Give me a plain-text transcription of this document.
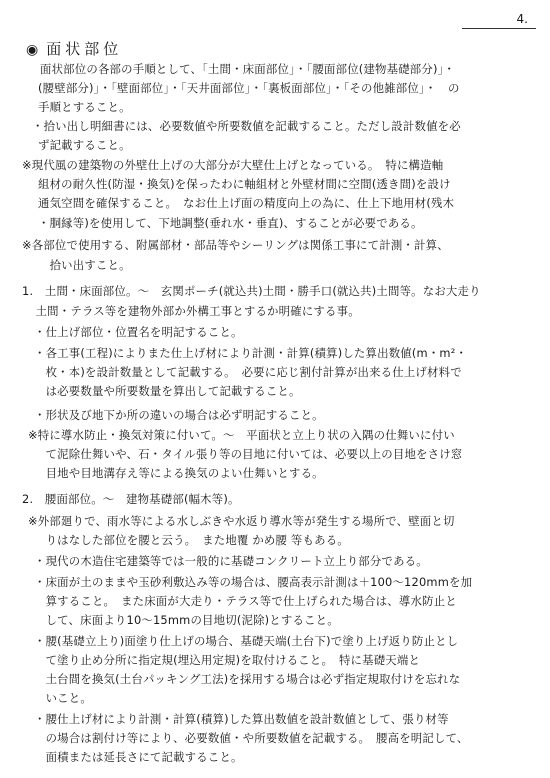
4.
◉ 面状部位
面状部位の各部の手順として、「土間・床面部位」・「腰面部位(建物基礎部分)」・
(腰壁部分)」・「壁面部位」・「天井面部位」・「裏板面部位」・「その他雑部位」・　の
手順とすること。
・拾い出し明細書には、必要数値や所要数値を記載すること。ただし設計数値を必
ず記載すること。
※現代風の建築物の外壁仕上げの大部分が大壁仕上げとなっている。　特に構造軸
組材の耐久性(防湿・換気)を保ったわに軸組材と外壁材間に空間(透き間)を設け
通気空間を確保すること。　なお仕上げ面の精度向上の為に、仕上下地用材(残木
・胴縁等)を使用して、下地調整(垂れ水・垂直)、することが必要である。
※各部位で使用する、附属部材・部品等やシーリングは関係工事にて計測・計算、
　拾い出すこと。
1.　土間・床面部位。〜　玄関ポーチ(就込共)土間・勝手口(就込共)土間等。なお大走り
　土間・テラス等を建物外部か外構工事とするか明確にする事。
・仕上げ部位・位置名を明記すること。
・各工事(工程)によりまた仕上げ材により計測・計算(積算)した算出数値(m・m²・
　枚・本)を設計数量として記載する。　必要に応じ割付計算が出来る仕上げ材料で
　は必要数量や所要数量を算出して記載すること。
・形状及び地下か所の違いの場合は必ず明記すること。
※特に導水防止・換気対策に付いて。〜　平面状と立上り状の入隅の仕舞いに付い
　て泥除仕舞いや、石・タイル張り等の目地に付いては、必要以上の目地をさけ窓
　目地や目地溝存え等による換気のよい仕舞いとする。
2.　腰面部位。〜　建物基礎部(幅木等)。
※外部廻りで、雨水等による水しぶきや水返り導水等が発生する場所で、壁面と切
　りはなした部位を腰と云う。　また地覆 かめ腰 等もある。
・現代の木造住宅建築等では一般的に基礎コンクリート立上り部分である。
・床面が土のままや玉砂利敷込み等の場合は、腰高表示計測は＋100〜120mmを加
　算すること。　また床面が大走り・テラス等で仕上げられた場合は、導水防止と
　して、床面より10〜15mmの目地切(泥除)とすること。
・腰(基礎立上り)面塗り仕上げの場合、基礎天端(土台下)で塗り上げ返り防止とし
　て塗り止め分所に指定規(埋込用定規)を取付けること。　特に基礎天端と
　土台間を換気(土台パッキング工法)を採用する場合は必ず指定規取付けを忘れな
　いこと。
・腰仕上げ材により計測・計算(積算)した算出数値を設計数値として、張り材等
　の場合は割付け等により、必要数値・や所要数値を記載する。　腰高を明記して、
　面積または延長さにて記載すること。
